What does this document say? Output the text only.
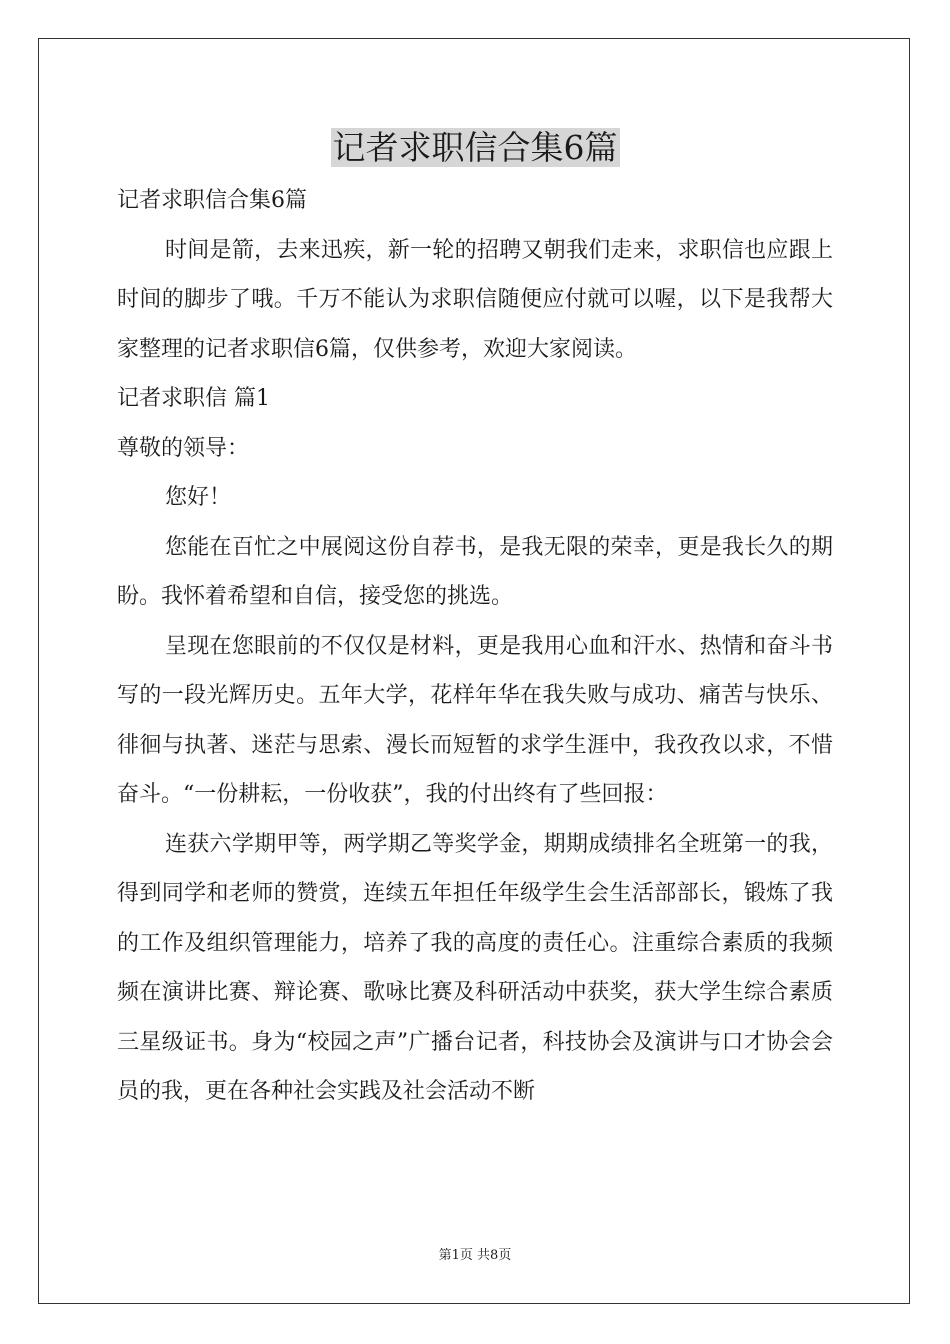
记者求职信合集6篇

记者求职信合集6篇

时间是箭，去来迅疾，新一轮的招聘又朝我们走来，求职信也应跟上时间的脚步了哦。千万不能认为求职信随便应付就可以喔，以下是我帮大家整理的记者求职信6篇，仅供参考，欢迎大家阅读。

记者求职信 篇1

尊敬的领导：

您好！

您能在百忙之中展阅这份自荐书，是我无限的荣幸，更是我长久的期盼。我怀着希望和自信，接受您的挑选。

呈现在您眼前的不仅仅是材料，更是我用心血和汗水、热情和奋斗书写的一段光辉历史。五年大学，花样年华在我失败与成功、痛苦与快乐、徘徊与执著、迷茫与思索、漫长而短暂的求学生涯中，我孜孜以求，不惜奋斗。“一份耕耘，一份收获”，我的付出终有了些回报：

连获六学期甲等，两学期乙等奖学金，期期成绩排名全班第一的我，得到同学和老师的赞赏，连续五年担任年级学生会生活部部长，锻炼了我的工作及组织管理能力，培养了我的高度的责任心。注重综合素质的我频频在演讲比赛、辩论赛、歌咏比赛及科研活动中获奖，获大学生综合素质三星级证书。身为“校园之声”广播台记者，科技协会及演讲与口才协会会员的我，更在各种社会实践及社会活动不断

第1页 共8页
